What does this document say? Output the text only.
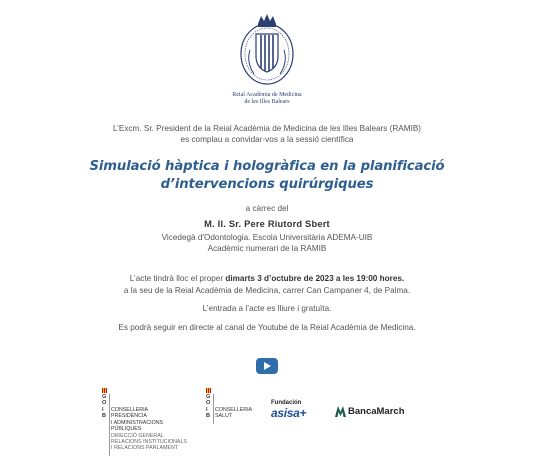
Reial Acadèmia de Medicina
de les Illes Balears
L’Excm. Sr. President de la Reial Acadèmia de Medicina de les Illes Balears (RAMIB)
es complau a convidar-vos a la sessió científica
Simulació hàptica i hologràfica en la planificació
d’intervencions quirúrgiques
a càrrec del
M. Il. Sr. Pere Riutord Sbert
Vicedegà d'Odontologia. Escola Universitària ADEMA-UIB
Acadèmic numerari de la RAMIB
L’acte tindrà lloc el proper dimarts 3 d’octubre de 2023 a les 19:00 hores.
a la seu de la Reial Acadèmia de Medicina, carrer Can Campaner 4, de Palma.
L’entrada a l’acte es lliure i gratuïta.
Es podrà seguir en directe al canal de Youtube de la Reial Acadèmia de Medicina.
G
O
I
B
CONSELLERIA
PRESIDÈNCIA
I ADMINISTRACIONS
PÚBLIQUES
DIRECCIÓ GENERAL
RELACIONS INSTITUCIONALS
I RELACIONS PARLAMENT
G
O
I
B
CONSELLERIA
SALUT
Fundación
asisa+	BancaMarch
